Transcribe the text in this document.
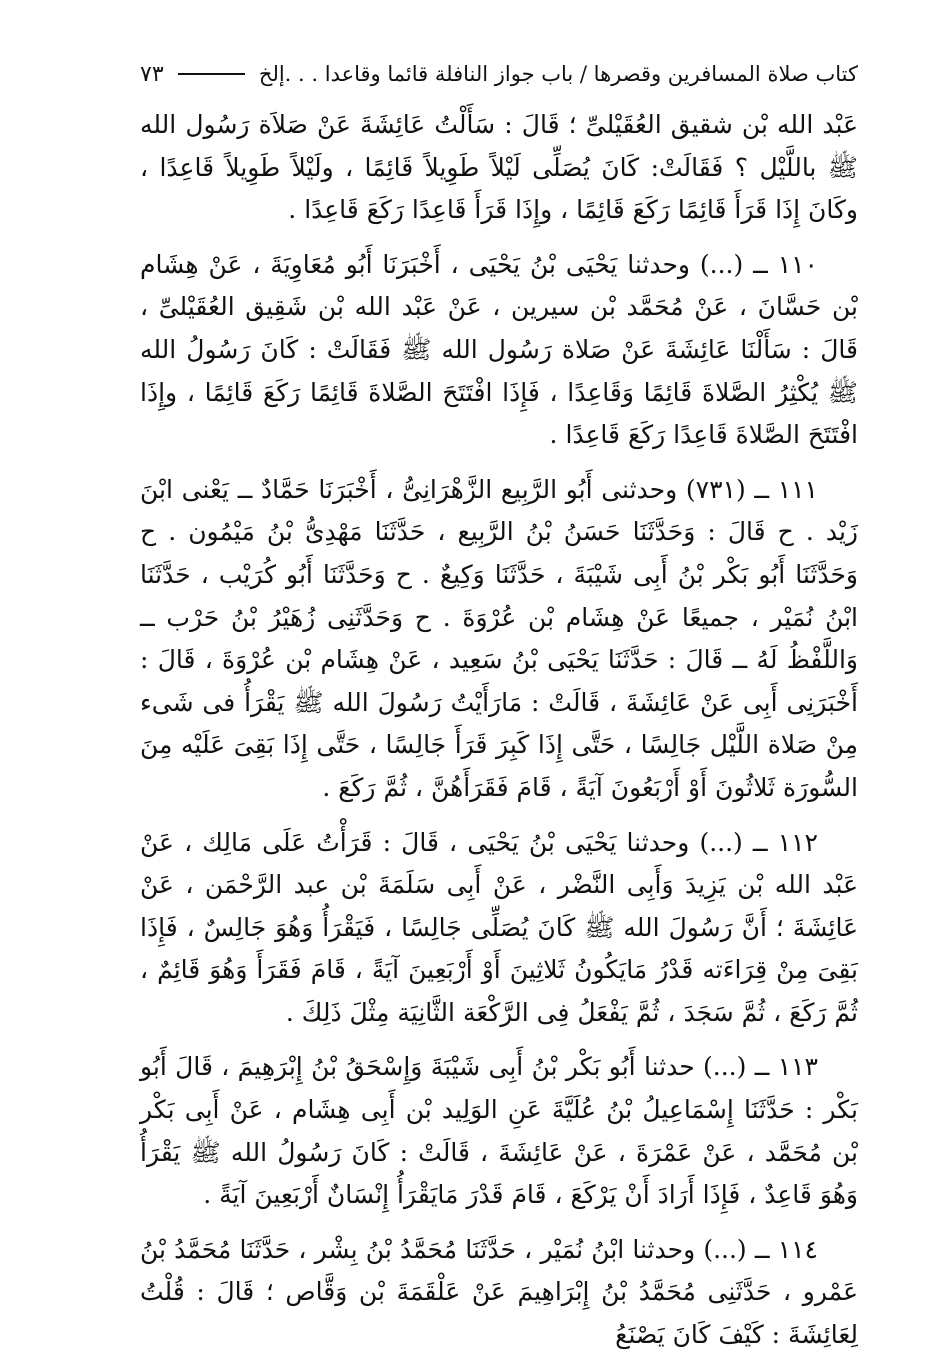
كتاب صلاة المسافرين وقصرها / باب جواز النافلة قائما وقاعدا . . .إلخ
٧٣

عَبْد الله بْن شقيق العُقَيْلىِّ ؛ قَالَ : سَأَلْتُ عَائِشَةَ عَنْ صَلاَة رَسُول الله ﷺ باللَّيْل ؟ فَقَالَتْ: كَانَ يُصَلِّى لَيْلاً طَوِيلاً قَائِمًا ، ولَيْلاً طَوِيلاً قَاعِدًا ، وكَانَ إِذَا قَرَأَ قَائِمًا رَكَعَ قَائِمًا ، وإِذَا قَرَأَ قَاعِدًا رَكَعَ قَاعِدًا .

١١٠ ــ (...) وحدثنا يَحْيَى بْنُ يَحْيَى ، أَخْبَرَنَا أَبُو مُعَاوِيَةَ ، عَنْ هِشَام بْن حَسَّانَ ، عَنْ مُحَمَّد بْن سيرين ، عَنْ عَبْد الله بْن شَقِيق العُقَيْلىِّ ، قَالَ : سَأَلْنَا عَائِشَةَ عَنْ صَلاة رَسُول الله ﷺ فَقَالَتْ : كَانَ رَسُولُ الله ﷺ يُكْثِرُ الصَّلاةَ قَائِمًا وَقَاعِدًا ، فَإِذَا افْتَتَحَ الصَّلاةَ قَائِمًا رَكَعَ قَائِمًا ، وإِذَا افْتَتَحَ الصَّلاةَ قَاعِدًا رَكَعَ قَاعِدًا .

١١١ ــ (٧٣١) وحدثنى أَبُو الرَّبِيع الزَّهْرَانِىُّ ، أَخْبَرَنَا حَمَّادٌ ــ يَعْنى ابْنَ زَيْد . ح قَالَ : وَحَدَّثَنَا حَسَنُ بْنُ الرَّبِيع ، حَدَّثَنَا مَهْدِىُّ بْنُ مَيْمُون . ح وَحَدَّثَنَا أَبُو بَكْر بْنُ أَبِى شَيْبَةَ ، حَدَّثَنَا وَكِيعٌ . ح وَحَدَّثَنَا أَبُو كُرَيْب ، حَدَّثَنَا ابْنُ نُمَيْر ، جميعًا عَنْ هِشَام بْن عُرْوَةَ . ح وَحَدَّثَنِى زُهَيْرُ بْنُ حَرْب ــ وَاللَّفْظُ لَهُ ــ قَالَ : حَدَّثَنَا يَحْيَى بْنُ سَعِيد ، عَنْ هِشَام بْن عُرْوَةَ ، قَالَ : أَخْبَرَنِى أَبِى عَنْ عَائِشَةَ ، قَالَتْ : مَارَأَيْتُ رَسُولَ الله ﷺ يَقْرَأُ فى شَىء مِنْ صَلاة اللَّيْل جَالِسًا ، حَتَّى إِذَا كَبِرَ قَرَأَ جَالِسًا ، حَتَّى إِذَا بَقِىَ عَلَيْه مِنَ السُّورَة ثَلاثُونَ أَوْ أَرْبَعُونَ آيَةً ، قَامَ فَقَرَأَهُنَّ ، ثُمَّ رَكَعَ .

١١٢ ــ (...) وحدثنا يَحْيَى بْنُ يَحْيَى ، قَالَ : قَرَأْتُ عَلَى مَالِك ، عَنْ عَبْد الله بْن يَزِيدَ وَأَبِى النَّضْر ، عَنْ أَبِى سَلَمَةَ بْن عبد الرَّحْمَن ، عَنْ عَائِشَةَ ؛ أَنَّ رَسُولَ الله ﷺ كَانَ يُصَلِّى جَالِسًا ، فَيَقْرَأُ وَهُوَ جَالِسٌ ، فَإِذَا بَقِىَ مِنْ قِرَاءَته قَدْرُ مَايَكُونُ ثَلاثِينَ أَوْ أَرْبَعِينَ آيَةً ، قَامَ فَقَرَأَ وَهُوَ قَائِمٌ ، ثُمَّ رَكَعَ ، ثُمَّ سَجَدَ ، ثُمَّ يَفْعَلُ فِى الرَّكْعَة الثَّانِيَة مِثْلَ ذَلِكَ .

١١٣ ــ (...) حدثنا أَبُو بَكْر بْنُ أَبِى شَيْبَةَ وَإِسْحَقُ بْنُ إِبْرَهِيمَ ، قَالَ أَبُو بَكْر : حَدَّثَنَا إِسْمَاعِيلُ بْنُ عُلَيَّةَ عَنِ الوَلِيد بْن أَبِى هِشَام ، عَنْ أَبِى بَكْر بْن مُحَمَّد ، عَنْ عَمْرَةَ ، عَنْ عَائِشَةَ ، قَالَتْ : كَانَ رَسُولُ الله ﷺ يَقْرَأُ وَهُوَ قَاعِدٌ ، فَإِذَا أَرَادَ أَنْ يَرْكَعَ ، قَامَ قَدْرَ مَايَقْرَأُ إِنْسَانٌ أَرْبَعِينَ آيَةً .

١١٤ ــ (...) وحدثنا ابْنُ نُمَيْر ، حَدَّثَنَا مُحَمَّدُ بْنُ بِشْر ، حَدَّثَنَا مُحَمَّدُ بْنُ عَمْرو ، حَدَّثَنِى مُحَمَّدُ بْنُ إِبْرَاهِيمَ عَنْ عَلْقَمَةَ بْن وَقَّاص ؛ قَالَ : قُلْتُ لِعَائِشَةَ : كَيْفَ كَانَ يَصْنَعُ
